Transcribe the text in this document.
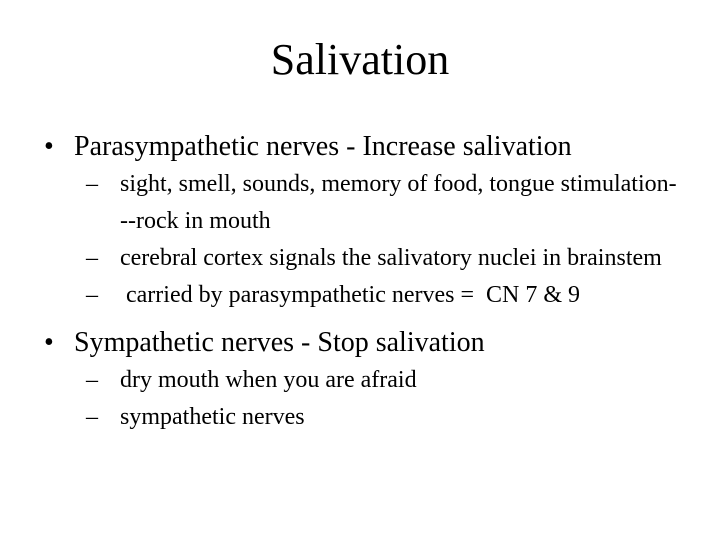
Salivation
• Parasympathetic nerves - Increase salivation
– sight, smell, sounds, memory of food, tongue stimulation---rock in mouth
– cerebral cortex signals the salivatory nuclei in brainstem
– carried by parasympathetic nerves =  CN 7 & 9
• Sympathetic nerves - Stop salivation
– dry mouth when you are afraid
– sympathetic nerves
